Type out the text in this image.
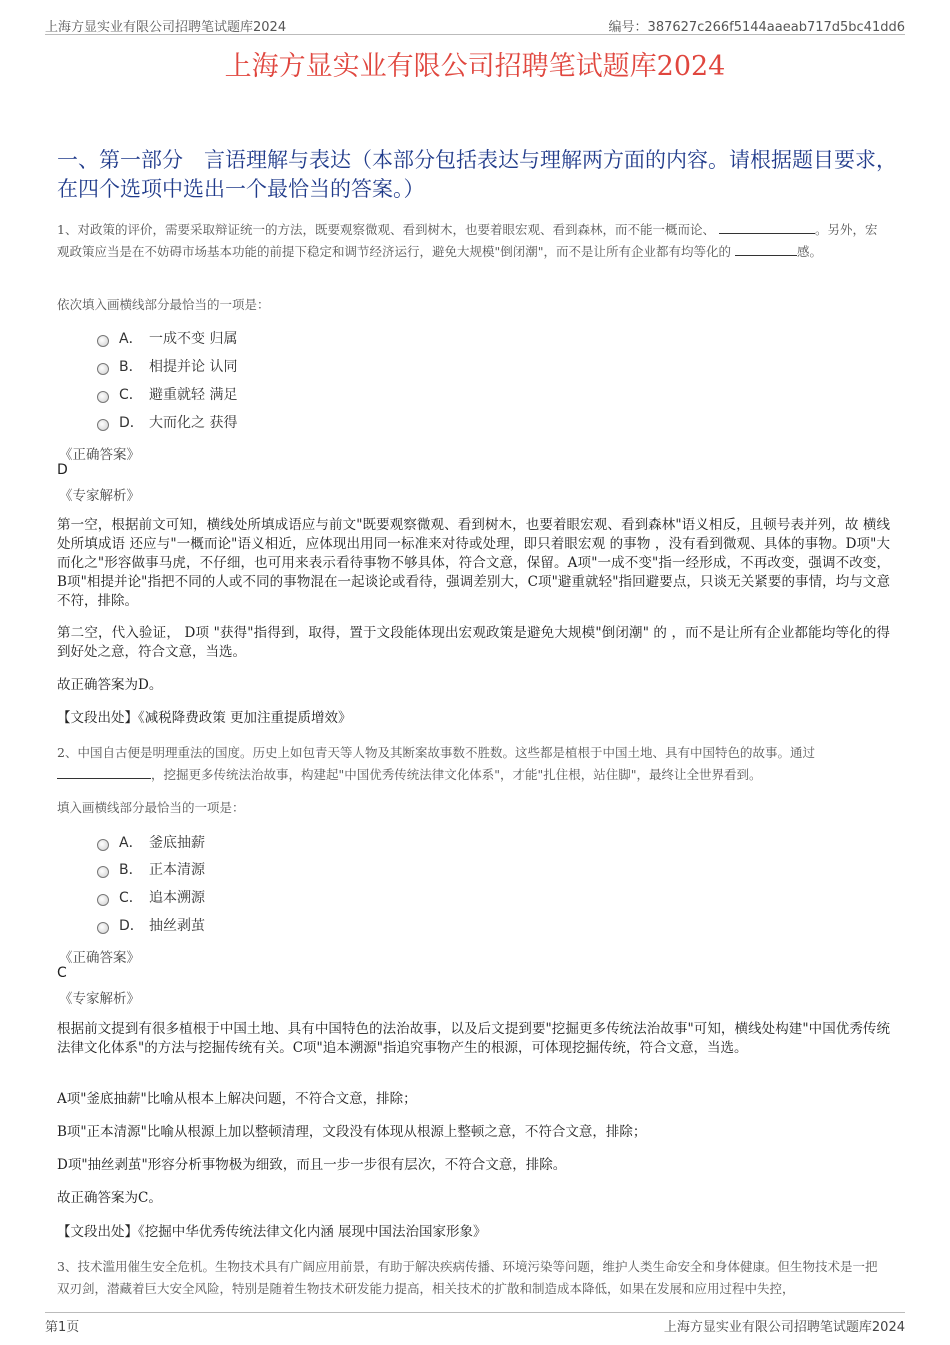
上海方显实业有限公司招聘笔试题库2024	编号：387627c266f5144aaeab717d5bc41dd6
上海方显实业有限公司招聘笔试题库2024
一、第一部分　言语理解与表达（本部分包括表达与理解两方面的内容。请根据题目要求，在四个选项中选出一个最恰当的答案。）
1、对政策的评价，需要采取辩证统一的方法，既要观察微观、看到树木，也要着眼宏观、看到森林，而不能一概而论、	。另外，宏观政策应当是在不妨碍市场基本功能的前提下稳定和调节经济运行，避免大规模"倒闭潮"，而不是让所有企业都有均等化的	感。
依次填入画横线部分最恰当的一项是：
A． 一成不变 归属
B． 相提并论 认同
C． 避重就轻 满足
D． 大而化之 获得
《正确答案》
D
《专家解析》
第一空，根据前文可知，横线处所填成语应与前文"既要观察微观、看到树木，也要着眼宏观、看到森林"语义相反，且顿号表并列，故 横线处所填成语 还应与"一概而论"语义相近，应体现出用同一标准来对待或处理，即只着眼宏观 的事物 ，没有看到微观、具体的事物。D项"大而化之"形容做事马虎，不仔细，也可用来表示看待事物不够具体，符合文意，保留。A项"一成不变"指一经形成，不再改变，强调不改变，B项"相提并论"指把不同的人或不同的事物混在一起谈论或看待，强调差别大，C项"避重就轻"指回避要点，只谈无关紧要的事情，均与文意不符，排除。
第二空，代入验证， D项 "获得"指得到，取得，置于文段能体现出宏观政策是避免大规模"倒闭潮" 的 ，而不是让所有企业都能均等化的得到好处之意，符合文意，当选。
故正确答案为D。
【文段出处】《减税降费政策 更加注重提质增效》
2、中国自古便是明理重法的国度。历史上如包青天等人物及其断案故事数不胜数。这些都是植根于中国土地、具有中国特色的故事。通过 ，挖掘更多传统法治故事，构建起"中国优秀传统法律文化体系"，才能"扎住根，站住脚"，最终让全世界看到。
填入画横线部分最恰当的一项是：
A． 釜底抽薪
B． 正本清源
C． 追本溯源
D． 抽丝剥茧
《正确答案》
C
《专家解析》
根据前文提到有很多植根于中国土地、具有中国特色的法治故事，以及后文提到要"挖掘更多传统法治故事"可知，横线处构建"中国优秀传统法律文化体系"的方法与挖掘传统有关。C项"追本溯源"指追究事物产生的根源，可体现挖掘传统，符合文意，当选。
A项"釜底抽薪"比喻从根本上解决问题，不符合文意，排除；
B项"正本清源"比喻从根源上加以整顿清理，文段没有体现从根源上整顿之意，不符合文意，排除；
D项"抽丝剥茧"形容分析事物极为细致，而且一步一步很有层次，不符合文意，排除。
故正确答案为C。
【文段出处】《挖掘中华优秀传统法律文化内涵 展现中国法治国家形象》
3、技术滥用催生安全危机。生物技术具有广阔应用前景，有助于解决疾病传播、环境污染等问题，维护人类生命安全和身体健康。但生物技术是一把双刃剑，潜藏着巨大安全风险，特别是随着生物技术研发能力提高，相关技术的扩散和制造成本降低，如果在发展和应用过程中失控，
第1页	上海方显实业有限公司招聘笔试题库2024
